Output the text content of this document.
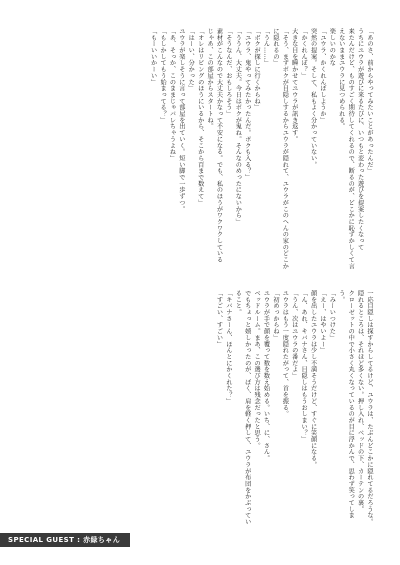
「あのさ、前からやってみたいことがあったんだ」
うちにユウラが遊びに来るたびに、いつもと変わった遊びを提案したくなって
来たんだけど、ものすごく期待してくれるので、断るのが、どこかに恥ずかしくて言えないままユウラに見つめられる。
楽しいのかな
「ユウラ、かくれんぼしようか」
突然の提案。そして、私もよく分かっていない。
「かくれんぼ？」
大きな目を瞬かせてユウラが訊き返す。
「そう、まずボクが目隠しするからユウラが隠れて、ユウラがこのへんの家のどこかに隠れるの」
「うん……」
「ボクが探しに行くからね」
「ユウラ、鬼やってみたかったんだ。ボクも入る？」
「ううん、大丈夫。今日はボクが鬼ね。そんなのめったにないから」
「そうなんだ、おもしろそう」
素材がこんなので大丈夫かなって不安になる。でも、私のほうがワクワクしている
じゃあ、この部屋からスタートね。
「オレはリビングのほうにいるから、そこから百まで数えて」
「はーい、分かった」
ユウラが楽しそうに言って部屋を出ていく。短い脚で一歩ずつ。
「あ、そっか、このままじゃバレちゃうよね」
「もしかしてもう始まってる？」
「もーいいかーい」
一応目隠しは探すからしてるけど、ユウラは、たぶんどこかに隠れてるだろうな。
隠れるところは、それほど多くない。押し入れ、ベッドの下、カーテンの裏。
クローゼットの中で小さく丸くなっているのが目に浮かんで、思わず笑ってしまう。
「みーいつけた」
「えー、はやいよー」
顔を出したユウラは少し不満そうだけど、すぐに笑顔になる。
「ん、あれ、キバナさん、目隠しはもうおしまい？」
「うん、次はユウラの番だよ」
ユウラはもう一度隠れたがって、首を振る。
「初めっからね」
ユウラが手で顔を覆って数を数え始める。いち、に、さん。
ベッドルーム。まあ、この選び方は残念だったと思う。
でもちょっと嬉しかったのが、ぼく、肩を軽く押して、ユウラが布団をかぶっていること。
「キバナさーん、ほんとにかくれた？」
「すごい、すごい」
SPECIAL GUEST : 赤緑ちゃん
